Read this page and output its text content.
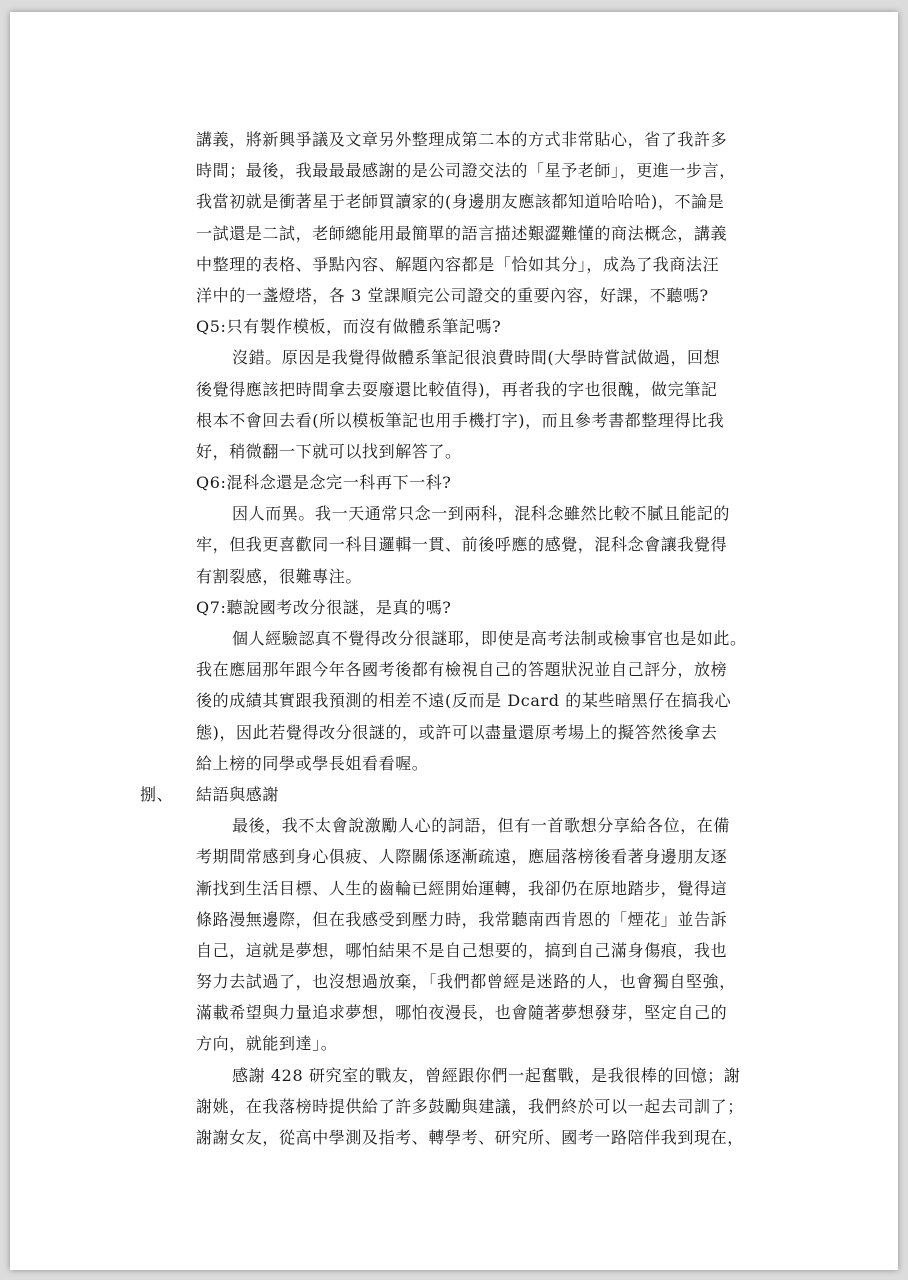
講義，將新興爭議及文章另外整理成第二本的方式非常貼心，省了我許多
時間；最後，我最最最感謝的是公司證交法的「星予老師」，更進一步言，
我當初就是衝著星于老師買讀家的(身邊朋友應該都知道哈哈哈)，不論是
一試還是二試，老師總能用最簡單的語言描述艱澀難懂的商法概念，講義
中整理的表格、爭點內容、解題內容都是「恰如其分」，成為了我商法汪
洋中的一盞燈塔，各 3 堂課順完公司證交的重要內容，好課，不聽嗎?
Q5:只有製作模板，而沒有做體系筆記嗎?
沒錯。原因是我覺得做體系筆記很浪費時間(大學時嘗試做過，回想
後覺得應該把時間拿去耍廢還比較值得)，再者我的字也很醜，做完筆記
根本不會回去看(所以模板筆記也用手機打字)，而且參考書都整理得比我
好，稍微翻一下就可以找到解答了。
Q6:混科念還是念完一科再下一科?
因人而異。我一天通常只念一到兩科，混科念雖然比較不膩且能記的
牢，但我更喜歡同一科目邏輯一貫、前後呼應的感覺，混科念會讓我覺得
有割裂感，很難專注。
Q7:聽說國考改分很謎，是真的嗎?
個人經驗認真不覺得改分很謎耶，即使是高考法制或檢事官也是如此。
我在應屆那年跟今年各國考後都有檢視自己的答題狀況並自己評分，放榜
後的成績其實跟我預測的相差不遠(反而是 Dcard 的某些暗黑仔在搞我心
態)，因此若覺得改分很謎的，或許可以盡量還原考場上的擬答然後拿去
給上榜的同學或學長姐看看喔。
捌、 結語與感謝
最後，我不太會說激勵人心的詞語，但有一首歌想分享給各位，在備
考期間常感到身心俱疲、人際關係逐漸疏遠，應屆落榜後看著身邊朋友逐
漸找到生活目標、人生的齒輪已經開始運轉，我卻仍在原地踏步，覺得這
條路漫無邊際，但在我感受到壓力時，我常聽南西肯恩的「煙花」並告訴
自己，這就是夢想，哪怕結果不是自己想要的，搞到自己滿身傷痕，我也
努力去試過了，也沒想過放棄，「我們都曾經是迷路的人，也會獨自堅強，
滿載希望與力量追求夢想，哪怕夜漫長，也會隨著夢想發芽，堅定自己的
方向，就能到達」。
感謝 428 研究室的戰友，曾經跟你們一起奮戰，是我很棒的回憶；謝
謝姚，在我落榜時提供給了許多鼓勵與建議，我們終於可以一起去司訓了；
謝謝女友，從高中學測及指考、轉學考、研究所、國考一路陪伴我到現在，
